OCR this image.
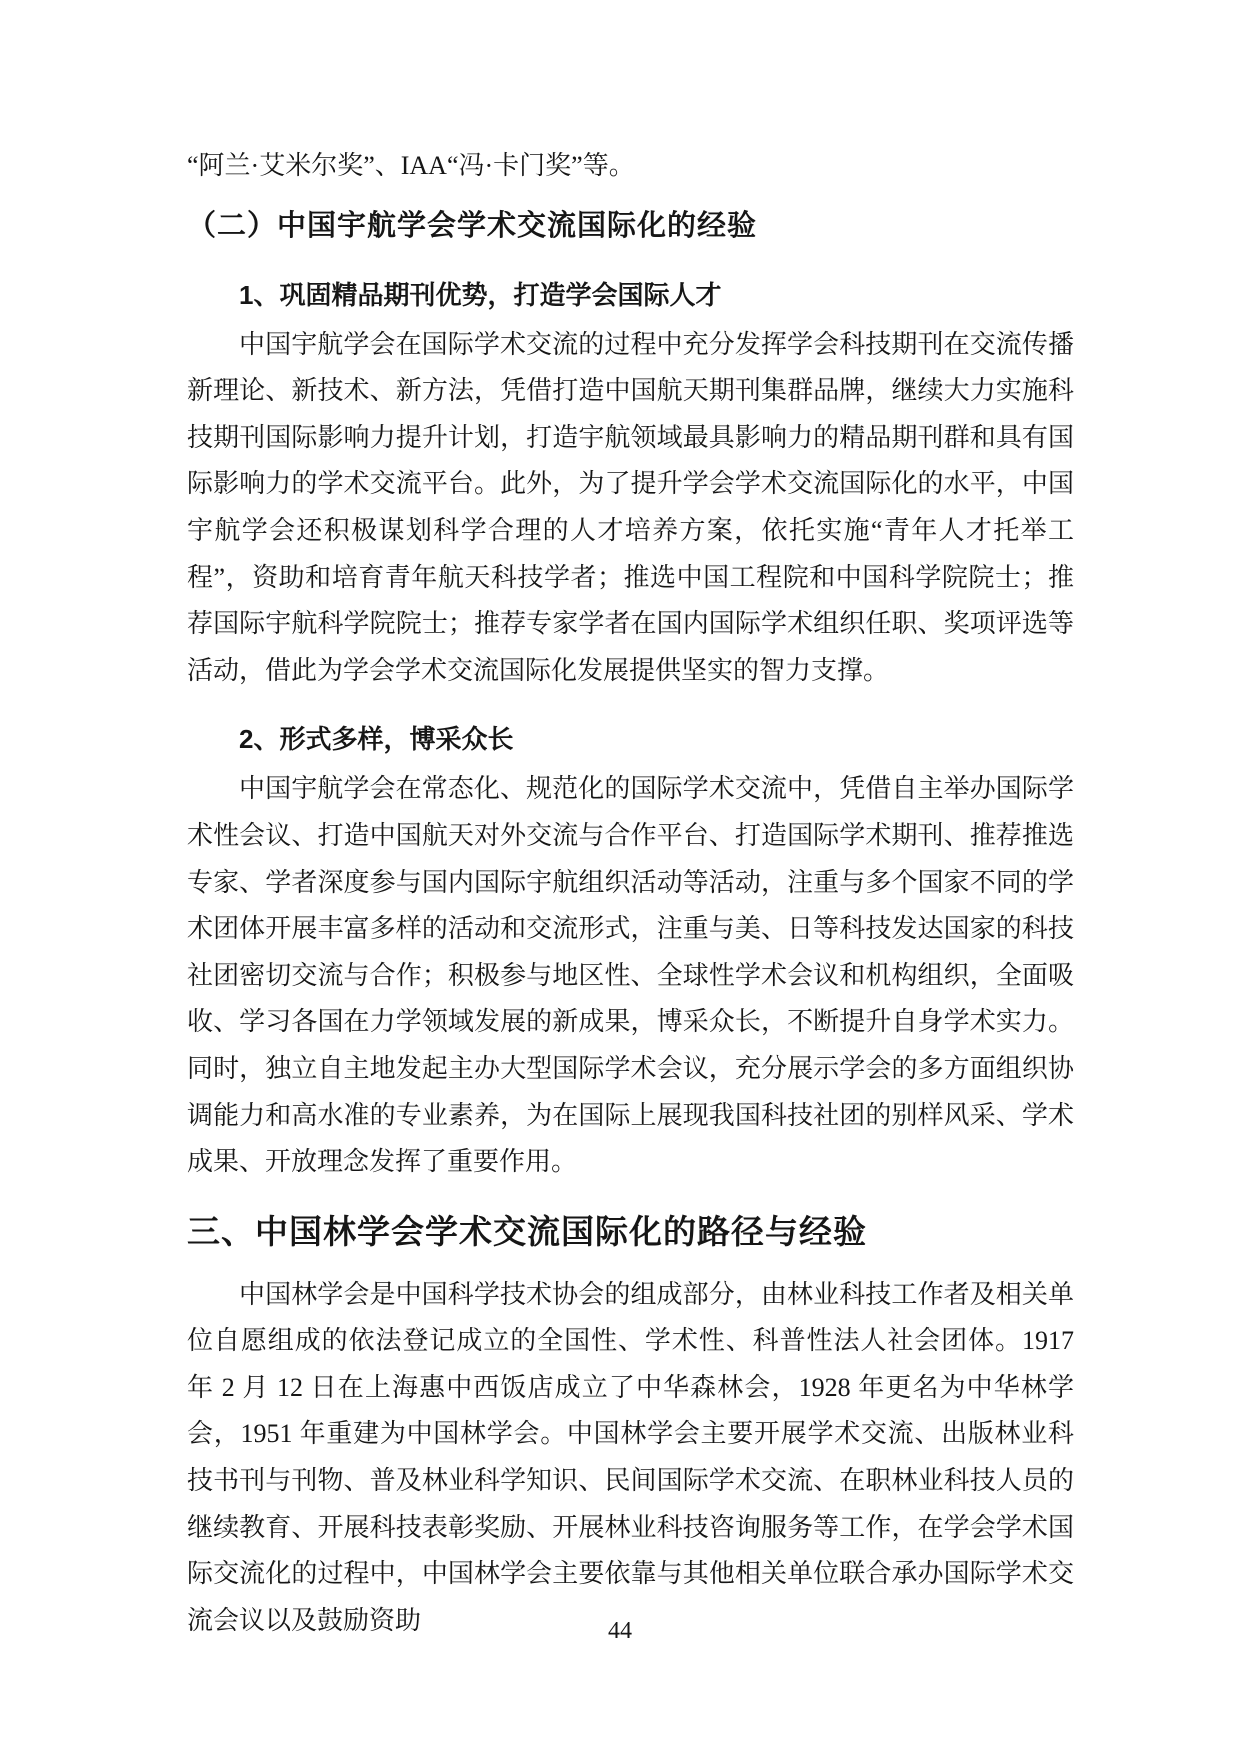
“阿兰·艾米尔奖”、IAA“冯·卡门奖”等。

（二）中国宇航学会学术交流国际化的经验
1、巩固精品期刊优势，打造学会国际人才

中国宇航学会在国际学术交流的过程中充分发挥学会科技期刊在交流传播新理论、新技术、新方法，凭借打造中国航天期刊集群品牌，继续大力实施科技期刊国际影响力提升计划，打造宇航领域最具影响力的精品期刊群和具有国际影响力的学术交流平台。此外，为了提升学会学术交流国际化的水平，中国宇航学会还积极谋划科学合理的人才培养方案，依托实施“青年人才托举工程”，资助和培育青年航天科技学者；推选中国工程院和中国科学院院士；推荐国际宇航科学院院士；推荐专家学者在国内国际学术组织任职、奖项评选等活动，借此为学会学术交流国际化发展提供坚实的智力支撑。

2、形式多样，博采众长

中国宇航学会在常态化、规范化的国际学术交流中，凭借自主举办国际学术性会议、打造中国航天对外交流与合作平台、打造国际学术期刊、推荐推选专家、学者深度参与国内国际宇航组织活动等活动，注重与多个国家不同的学术团体开展丰富多样的活动和交流形式，注重与美、日等科技发达国家的科技社团密切交流与合作；积极参与地区性、全球性学术会议和机构组织，全面吸收、学习各国在力学领域发展的新成果，博采众长，不断提升自身学术实力。同时，独立自主地发起主办大型国际学术会议，充分展示学会的多方面组织协调能力和高水准的专业素养，为在国际上展现我国科技社团的别样风采、学术成果、开放理念发挥了重要作用。

三、中国林学会学术交流国际化的路径与经验

中国林学会是中国科学技术协会的组成部分，由林业科技工作者及相关单位自愿组成的依法登记成立的全国性、学术性、科普性法人社会团体。1917 年 2 月 12 日在上海惠中西饭店成立了中华森林会，1928 年更名为中华林学会，1951 年重建为中国林学会。中国林学会主要开展学术交流、出版林业科技书刊与刊物、普及林业科学知识、民间国际学术交流、在职林业科技人员的继续教育、开展科技表彰奖励、开展林业科技咨询服务等工作，在学会学术国际交流化的过程中，中国林学会主要依靠与其他相关单位联合承办国际学术交流会议以及鼓励资助	44
